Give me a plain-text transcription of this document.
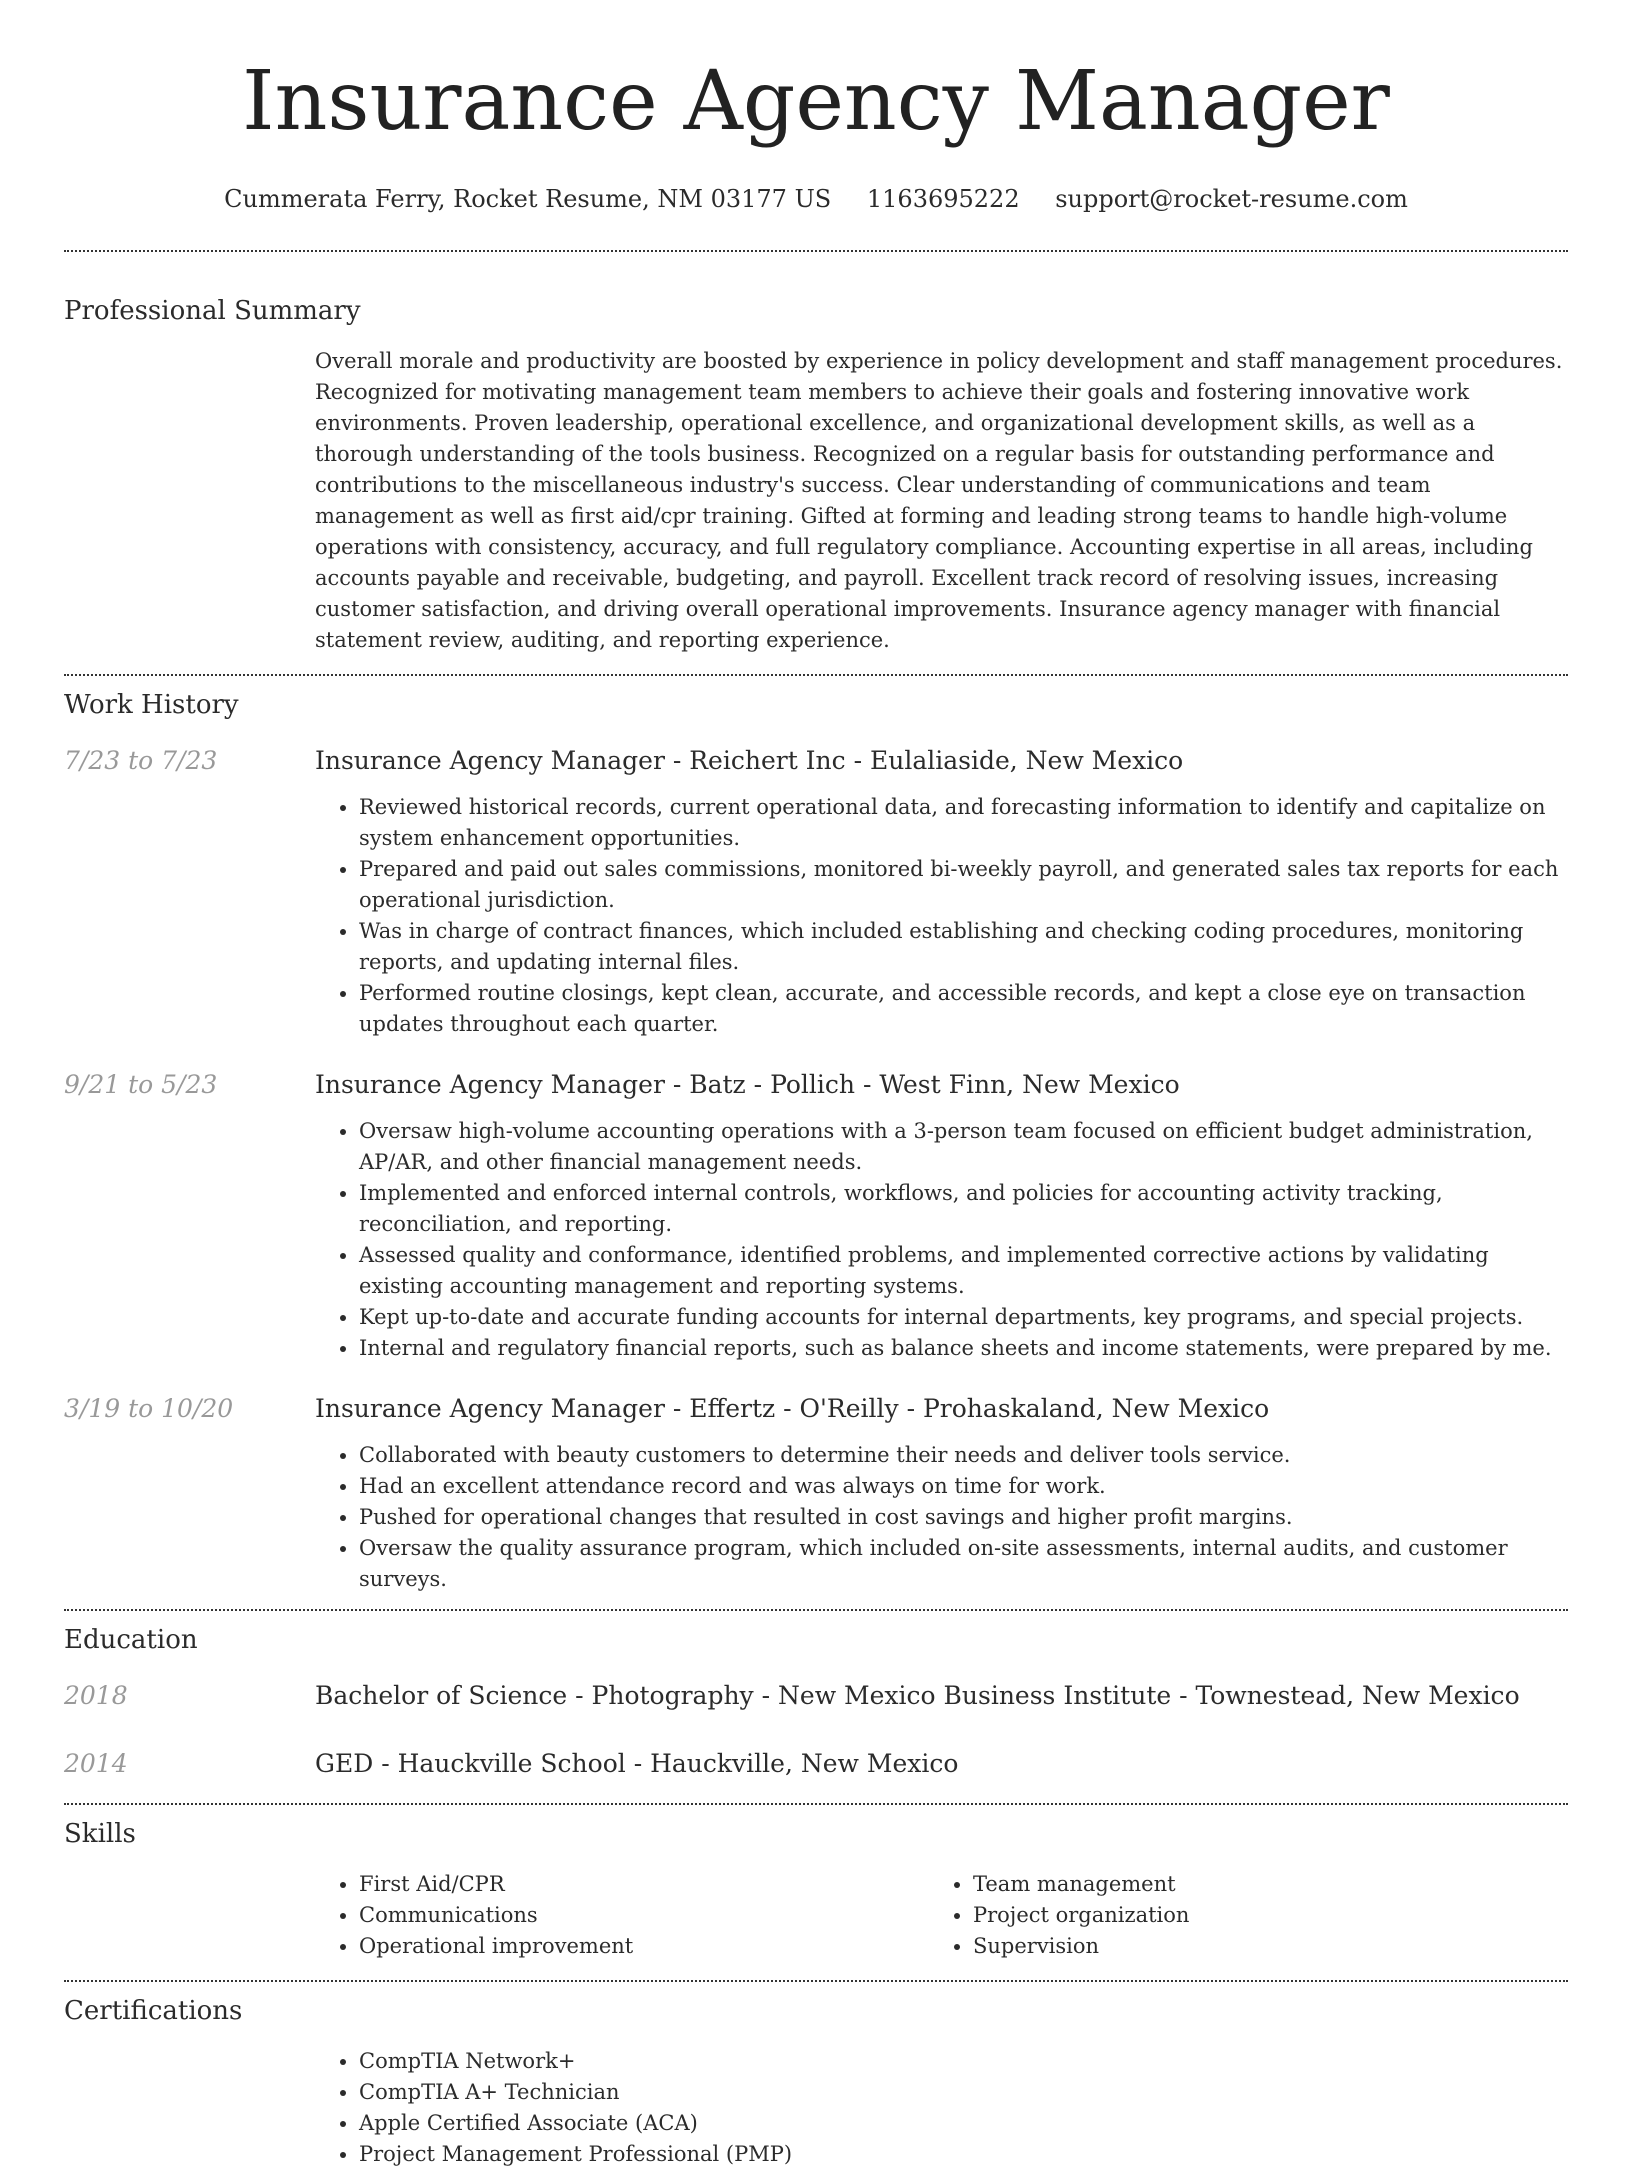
Insurance Agency Manager
Cummerata Ferry, Rocket Resume, NM 03177 US 1163695222 support@rocket-resume.com
Professional Summary
Overall morale and productivity are boosted by experience in policy development and staff management procedures. Recognized for motivating management team members to achieve their goals and fostering innovative work environments. Proven leadership, operational excellence, and organizational development skills, as well as a thorough understanding of the tools business. Recognized on a regular basis for outstanding performance and contributions to the miscellaneous industry's success. Clear understanding of communications and team management as well as first aid/cpr training. Gifted at forming and leading strong teams to handle high-volume operations with consistency, accuracy, and full regulatory compliance. Accounting expertise in all areas, including accounts payable and receivable, budgeting, and payroll. Excellent track record of resolving issues, increasing customer satisfaction, and driving overall operational improvements. Insurance agency manager with financial statement review, auditing, and reporting experience.
Work History
7/23 to 7/23	Insurance Agency Manager - Reichert Inc - Eulaliaside, New Mexico
• Reviewed historical records, current operational data, and forecasting information to identify and capitalize on system enhancement opportunities.
• Prepared and paid out sales commissions, monitored bi-weekly payroll, and generated sales tax reports for each operational jurisdiction.
• Was in charge of contract finances, which included establishing and checking coding procedures, monitoring reports, and updating internal files.
• Performed routine closings, kept clean, accurate, and accessible records, and kept a close eye on transaction updates throughout each quarter.
9/21 to 5/23	Insurance Agency Manager - Batz - Pollich - West Finn, New Mexico
• Oversaw high-volume accounting operations with a 3-person team focused on efficient budget administration, AP/AR, and other financial management needs.
• Implemented and enforced internal controls, workflows, and policies for accounting activity tracking, reconciliation, and reporting.
• Assessed quality and conformance, identified problems, and implemented corrective actions by validating existing accounting management and reporting systems.
• Kept up-to-date and accurate funding accounts for internal departments, key programs, and special projects.
• Internal and regulatory financial reports, such as balance sheets and income statements, were prepared by me.
3/19 to 10/20	Insurance Agency Manager - Effertz - O'Reilly - Prohaskaland, New Mexico
• Collaborated with beauty customers to determine their needs and deliver tools service.
• Had an excellent attendance record and was always on time for work.
• Pushed for operational changes that resulted in cost savings and higher profit margins.
• Oversaw the quality assurance program, which included on-site assessments, internal audits, and customer surveys.
Education
2018	Bachelor of Science - Photography - New Mexico Business Institute - Townestead, New Mexico
2014	GED - Hauckville School - Hauckville, New Mexico
Skills
• First Aid/CPR
• Communications
• Operational improvement
• Team management
• Project organization
• Supervision
Certifications
• CompTIA Network+
• CompTIA A+ Technician
• Apple Certified Associate (ACA)
• Project Management Professional (PMP)
